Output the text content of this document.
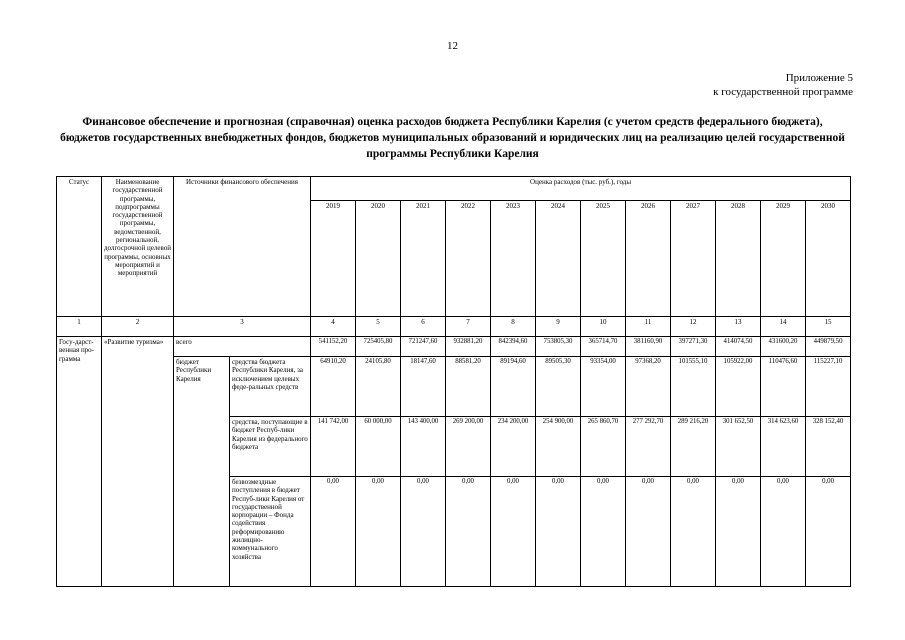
12
Приложение 5
к государственной программе
Финансовое обеспечение и прогнозная (справочная) оценка расходов бюджета Республики Карелия (с учетом средств федерального бюджета), бюджетов государственных внебюджетных фондов, бюджетов муниципальных образований и юридических лиц на реализацию целей государственной программы Республики Карелия
Статус	Наименование государственной программы, подпрограммы государственной программы, ведомственной, региональной, долгосрочной целевой программы, основных мероприятий и мероприятий	Источники финансового обеспечения		Оценка расходов (тыс. руб.), годы											
				2019	2020	2021	2022	2023	2024	2025	2026	2027	2028	2029	2030
1	2	3		4	5	6	7	8	9	10	11	12	13	14	15
Госу-дарст-венная про-грамма	«Развитие туризма»	всего		541152,20	725405,80	721247,60	932881,20	842394,60	753805,30	365714,70	381160,90	397271,30	414074,50	431600,20	449879,50
		бюджет Республики Карелия	средства бюджета Республики Карелия, за исключением целевых феде-ральных средств	64910,20	24105,80	18147,60	88581,20	89194,60	89505,30	93354,00	97368,20	101555,10	105922,00	110476,60	115227,10
			средства, поступающие в бюджет Респуб-лики Карелия из федерального бюджета	141 742,00	60 000,00	143 400,00	269 200,00	234 200,00	254 900,00	265 860,70	277 292,70	289 216,20	301 652,50	314 623,60	328 152,40
			безвозмездные поступления в бюджет Респуб-лики Карелия от государственной корпорации – Фонда содействия реформированию жилищно-коммунального хозяйства	0,00	0,00	0,00	0,00	0,00	0,00	0,00	0,00	0,00	0,00	0,00	0,00
